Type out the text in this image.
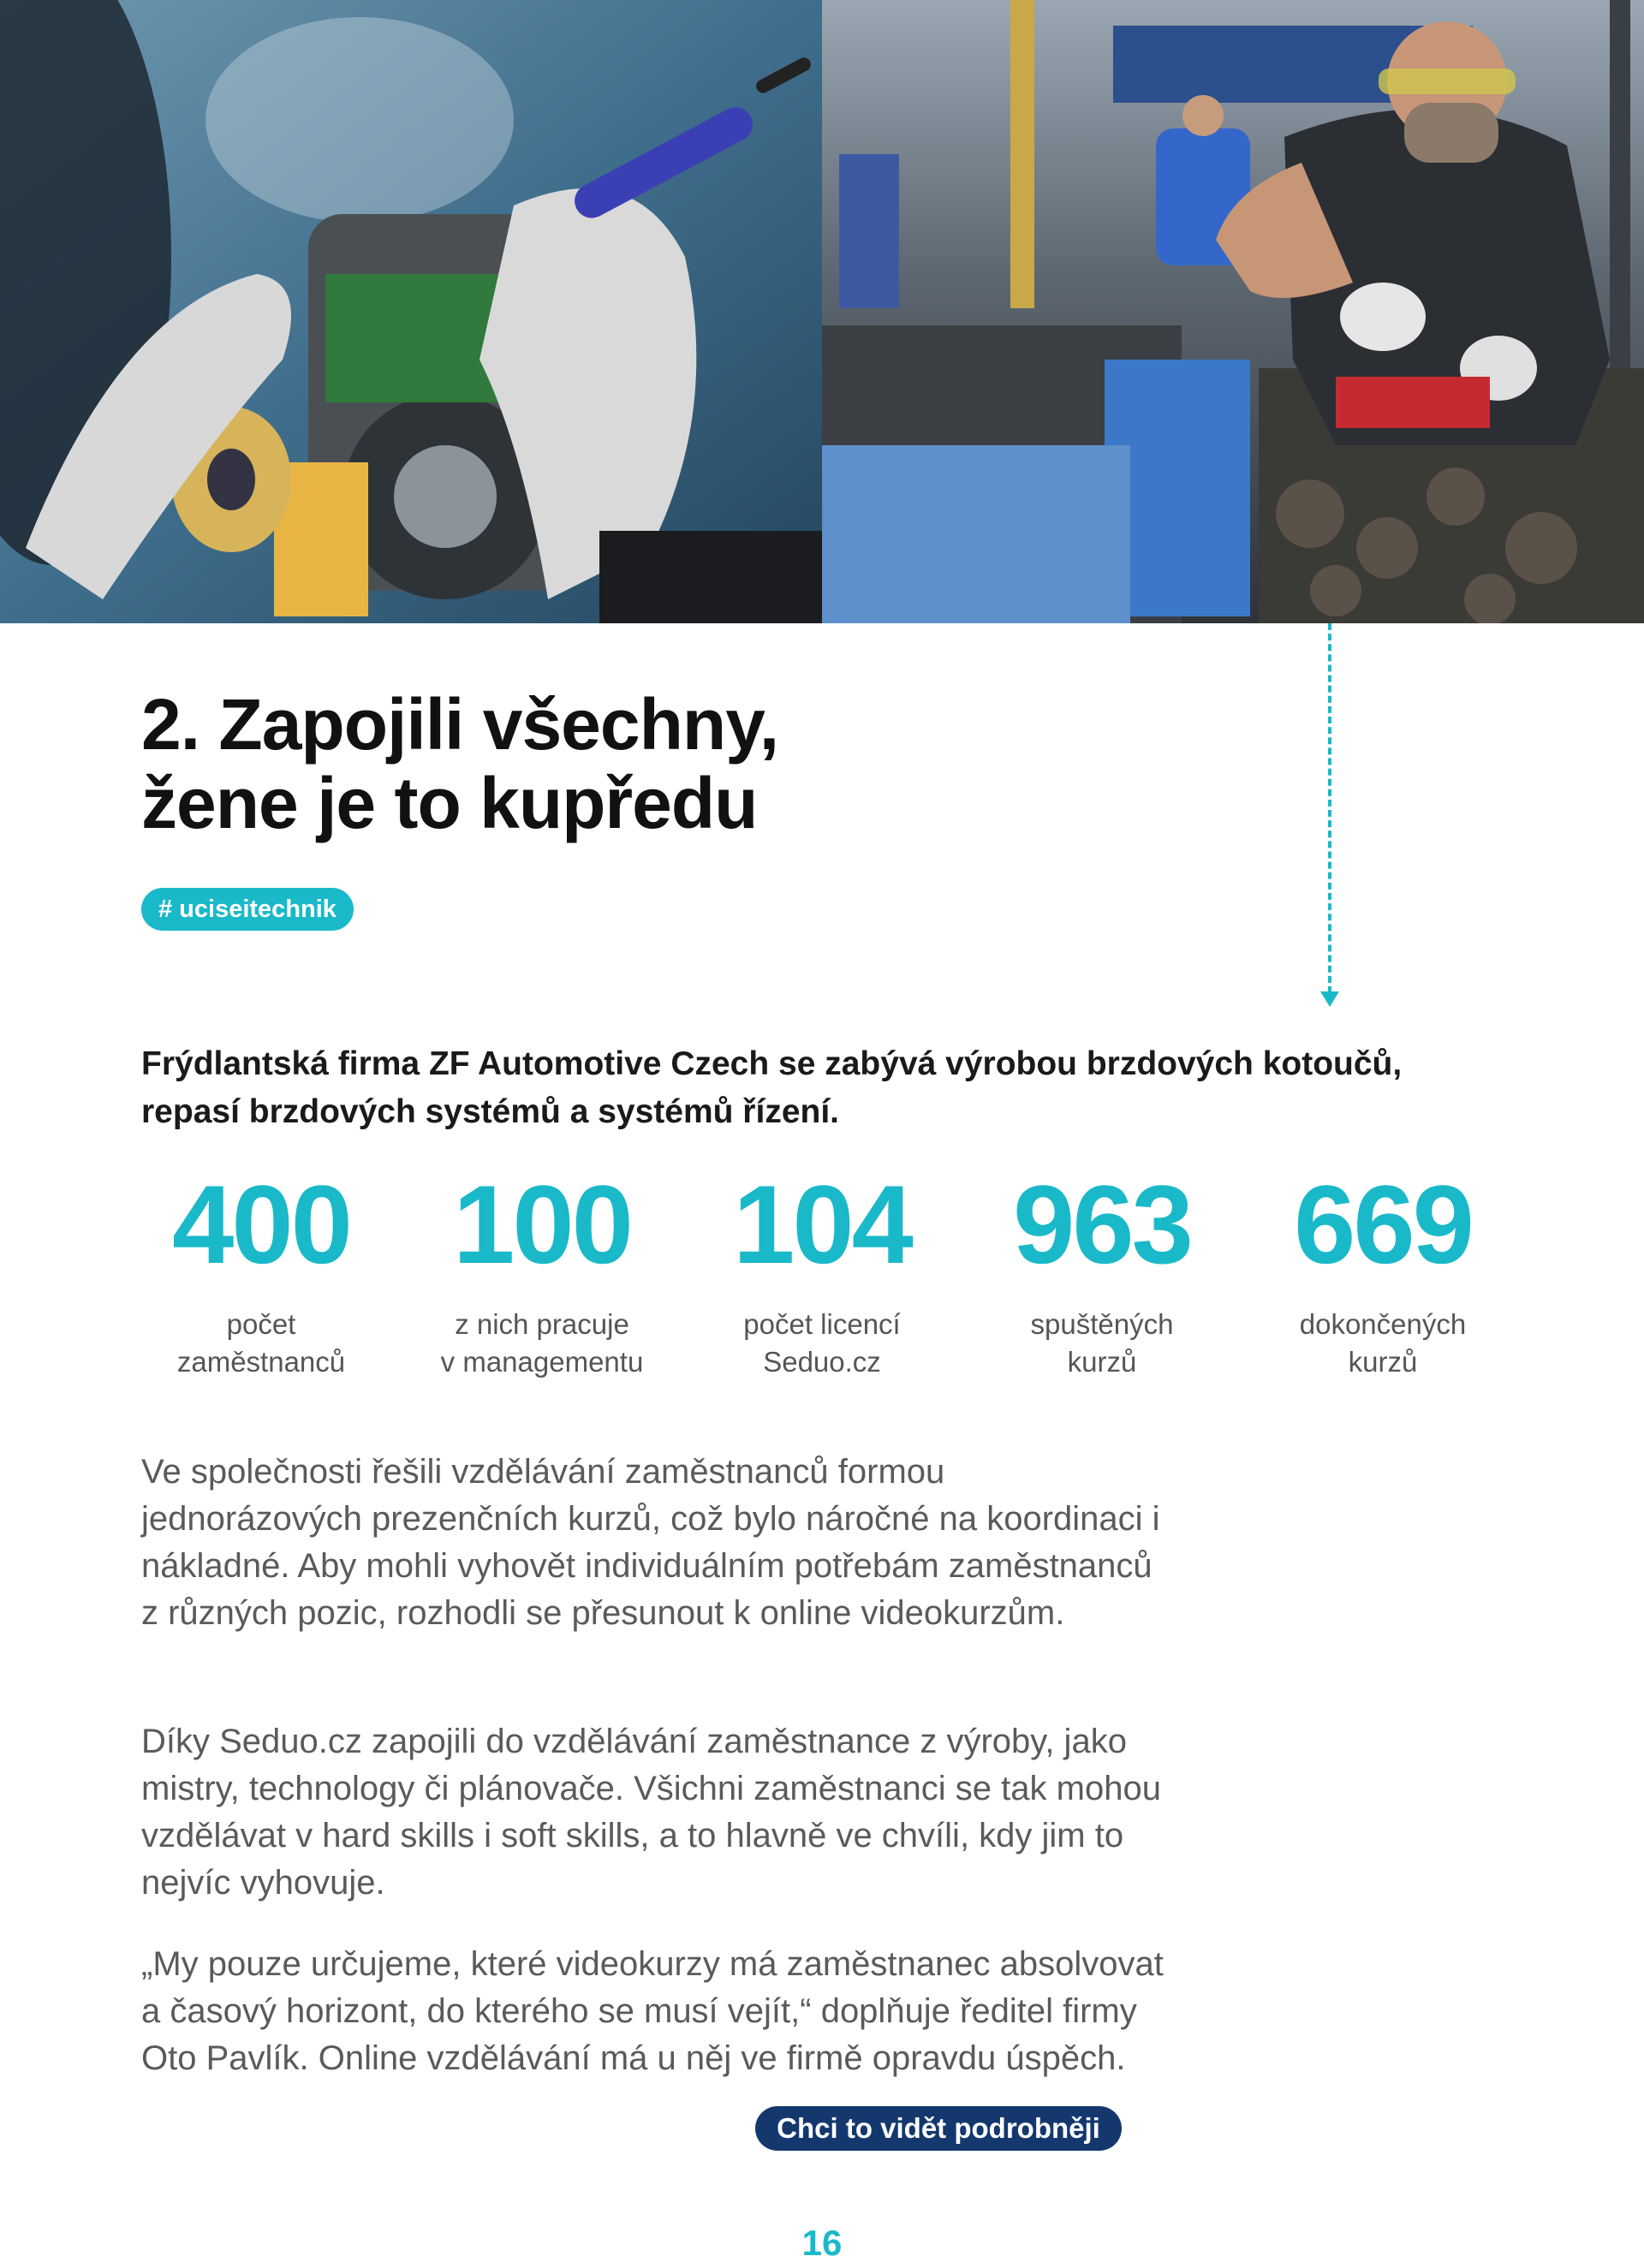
2. Zapojili všechny,
žene je to kupředu
# uciseitechnik

Frýdlantská firma ZF Automotive Czech se zabývá výrobou brzdových kotoučů, repasí brzdových systémů a systémů řízení.

400
počet
zaměstnanců
100
z nich pracuje
v managementu
104
počet licencí
Seduo.cz
963
spuštěných
kurzů
669
dokončených
kurzů

Ve společnosti řešili vzdělávání zaměstnanců formou jednorázových prezenčních kurzů, což bylo náročné na koordinaci i nákladné. Aby mohli vyhovět individuálním potřebám zaměstnanců z různých pozic, rozhodli se přesunout k online videokurzům.

Díky Seduo.cz zapojili do vzdělávání zaměstnance z výroby, jako mistry, technology či plánovače. Všichni zaměstnanci se tak mohou vzdělávat v hard skills i soft skills, a to hlavně ve chvíli, kdy jim to nejvíc vyhovuje.

„My pouze určujeme, které videokurzy má zaměstnanec absolvovat a časový horizont, do kterého se musí vejít,“ doplňuje ředitel firmy Oto Pavlík. Online vzdělávání má u něj ve firmě opravdu úspěch.

Chci to vidět podrobněji
16
